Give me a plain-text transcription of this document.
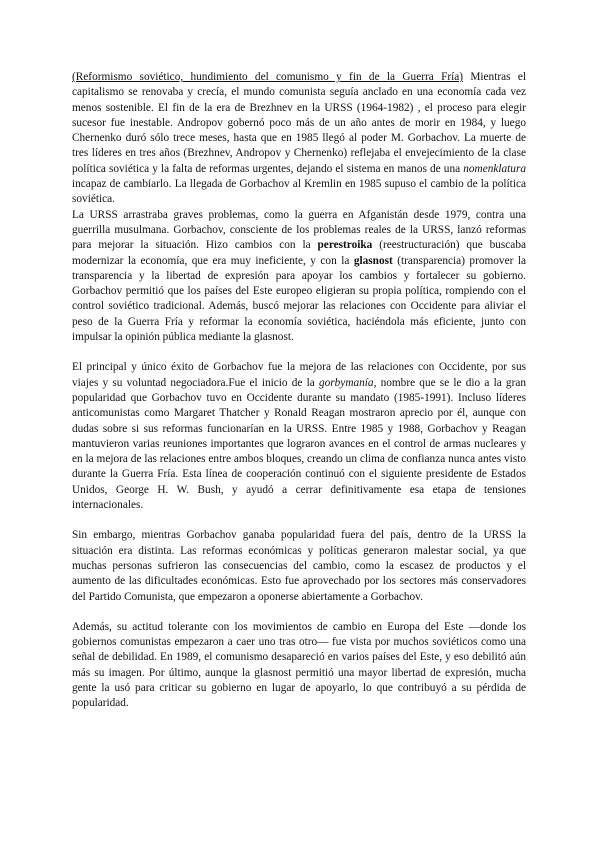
(Reformismo soviético, hundimiento del comunismo y fin de la Guerra Fría) Mientras el capitalismo se renovaba y crecía, el mundo comunista seguía anclado en una economía cada vez menos sostenible. El fin de la era de Brezhnev en la URSS (1964-1982) , el proceso para elegir sucesor fue inestable. Andropov gobernó poco más de un año antes de morir en 1984, y luego Chernenko duró sólo trece meses, hasta que en 1985 llegó al poder M. Gorbachov. La muerte de tres líderes en tres años (Brezhnev, Andropov y Chernenko) reflejaba el envejecimiento de la clase política soviética y la falta de reformas urgentes, dejando el sistema en manos de una nomenklatura incapaz de cambiarlo. La llegada de Gorbachov al Kremlin en 1985 supuso el cambio de la política soviética.

La URSS arrastraba graves problemas, como la guerra en Afganistán desde 1979, contra una guerrilla musulmana. Gorbachov, consciente de los problemas reales de la URSS, lanzó reformas para mejorar la situación. Hizo cambios con la perestroika (reestructuración) que buscaba modernizar la economía, que era muy ineficiente, y con la glasnost (transparencia) promover la transparencia y la libertad de expresión para apoyar los cambios y fortalecer su gobierno. Gorbachov permitió que los países del Este europeo eligieran su propia política, rompiendo con el control soviético tradicional. Además, buscó mejorar las relaciones con Occidente para aliviar el peso de la Guerra Fría y reformar la economía soviética, haciéndola más eficiente, junto con impulsar la opinión pública mediante la glasnost.

El principal y único éxito de Gorbachov fue la mejora de las relaciones con Occidente, por sus viajes y su voluntad negociadora.Fue el inicio de la gorbymanía, nombre que se le dio a la gran popularidad que Gorbachov tuvo en Occidente durante su mandato (1985-1991). Incluso líderes anticomunistas como Margaret Thatcher y Ronald Reagan mostraron aprecio por él, aunque con dudas sobre si sus reformas funcionarían en la URSS. Entre 1985 y 1988, Gorbachov y Reagan mantuvieron varias reuniones importantes que lograron avances en el control de armas nucleares y en la mejora de las relaciones entre ambos bloques, creando un clima de confianza nunca antes visto durante la Guerra Fría. Esta línea de cooperación continuó con el siguiente presidente de Estados Unidos, George H. W. Bush, y ayudó a cerrar definitivamente esa etapa de tensiones internacionales.

Sin embargo, mientras Gorbachov ganaba popularidad fuera del país, dentro de la URSS la situación era distinta. Las reformas económicas y políticas generaron malestar social, ya que muchas personas sufrieron las consecuencias del cambio, como la escasez de productos y el aumento de las dificultades económicas. Esto fue aprovechado por los sectores más conservadores del Partido Comunista, que empezaron a oponerse abiertamente a Gorbachov.

Además, su actitud tolerante con los movimientos de cambio en Europa del Este —donde los gobiernos comunistas empezaron a caer uno tras otro— fue vista por muchos soviéticos como una señal de debilidad. En 1989, el comunismo desapareció en varios países del Este, y eso debilitó aún más su imagen. Por último, aunque la glasnost permitió una mayor libertad de expresión, mucha gente la usó para criticar su gobierno en lugar de apoyarlo, lo que contribuyó a su pérdida de popularidad.
